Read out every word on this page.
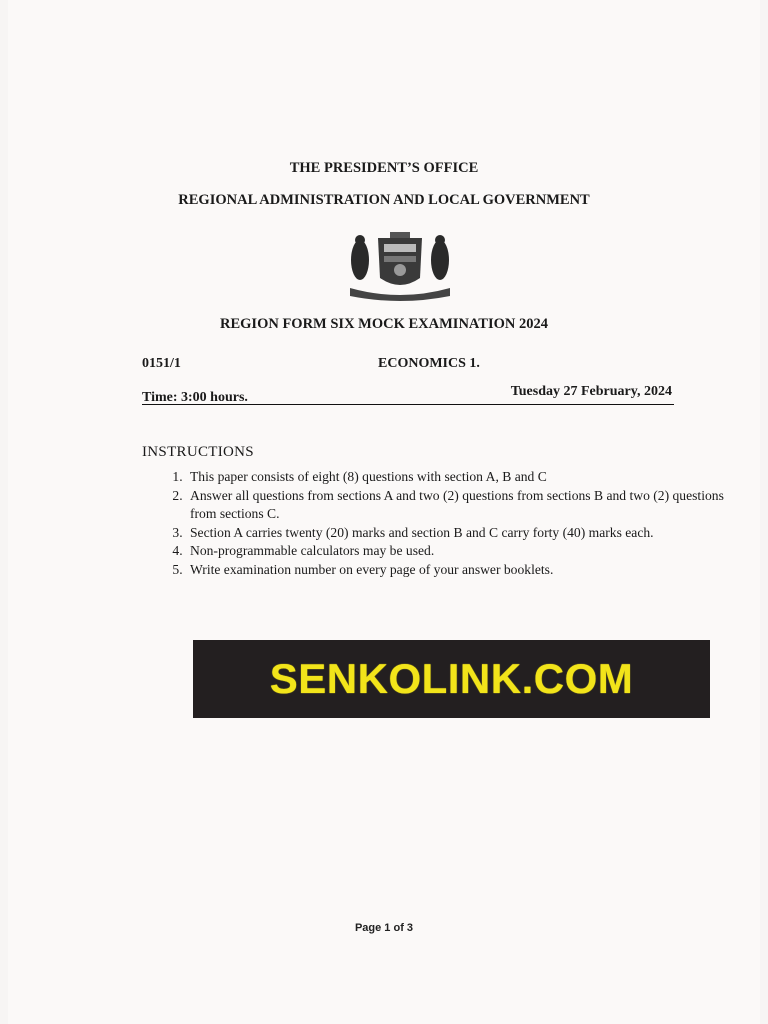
THE PRESIDENT’S OFFICE
REGIONAL ADMINISTRATION AND LOCAL GOVERNMENT
REGION FORM SIX MOCK EXAMINATION 2024
0151/1	ECONOMICS 1.
Time: 3:00 hours.	Tuesday 27 February, 2024
INSTRUCTIONS
1. This paper consists of eight (8) questions with section A, B and C
2. Answer all questions from sections A and two (2) questions from sections B and two (2) questions from sections C.
3. Section A carries twenty (20) marks and section B and C carry forty (40) marks each.
4. Non-programmable calculators may be used.
5. Write examination number on every page of your answer booklets.
SENKOLINK.COM
Page 1 of 3
